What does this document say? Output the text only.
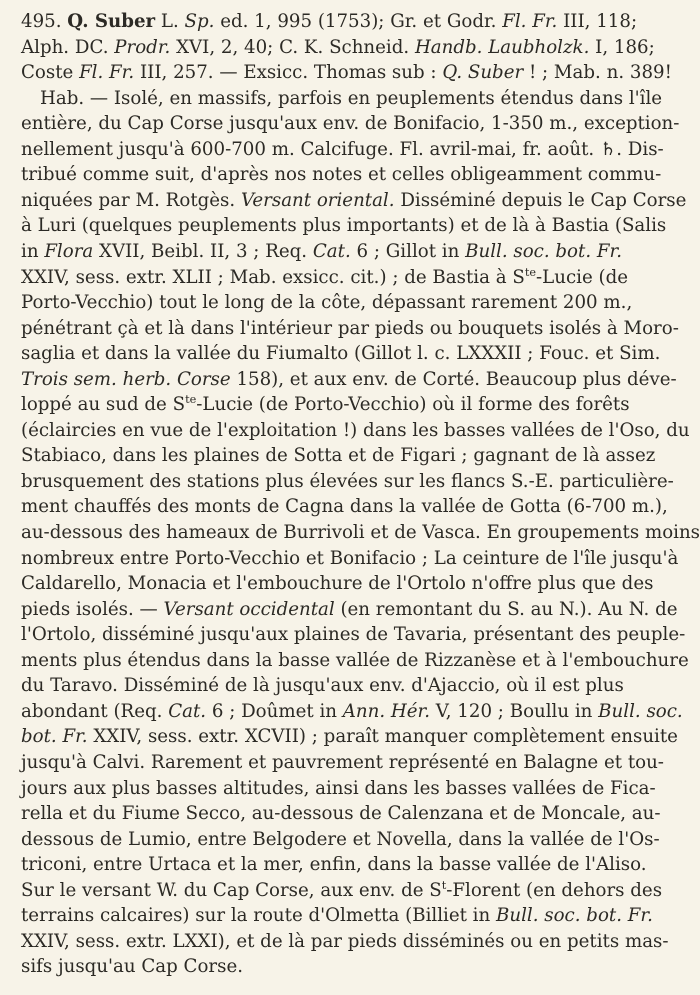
495. Q. Suber L. Sp. ed. 1, 995 (1753); Gr. et Godr. Fl. Fr. III, 118;
Alph. DC. Prodr. XVI, 2, 40; C. K. Schneid. Handb. Laubholzk. I, 186;
Coste Fl. Fr. III, 257. — Exsicc. Thomas sub : Q. Suber ! ; Mab. n. 389!
Hab. — Isolé, en massifs, parfois en peuplements étendus dans l'île
entière, du Cap Corse jusqu'aux env. de Bonifacio, 1-350 m., exception-
nellement jusqu'à 600-700 m. Calcifuge. Fl. avril-mai, fr. août. ♄. Dis-
tribué comme suit, d'après nos notes et celles obligeamment commu-
niquées par M. Rotgès. Versant oriental. Disséminé depuis le Cap Corse
à Luri (quelques peuplements plus importants) et de là à Bastia (Salis
in Flora XVII, Beibl. II, 3 ; Req. Cat. 6 ; Gillot in Bull. soc. bot. Fr.
XXIV, sess. extr. XLII ; Mab. exsicc. cit.) ; de Bastia à $S^{te}$-Lucie (de
Porto-Vecchio) tout le long de la côte, dépassant rarement 200 m.,
pénétrant çà et là dans l'intérieur par pieds ou bouquets isolés à Moro-
saglia et dans la vallée du Fiumalto (Gillot l. c. LXXXII ; Fouc. et Sim.
Trois sem. herb. Corse 158), et aux env. de Corté. Beaucoup plus déve-
loppé au sud de $S^{te}$-Lucie (de Porto-Vecchio) où il forme des forêts
(éclaircies en vue de l'exploitation !) dans les basses vallées de l'Oso, du
Stabiaco, dans les plaines de Sotta et de Figari ; gagnant de là assez
brusquement des stations plus élevées sur les flancs S.-E. particulière-
ment chauffés des monts de Cagna dans la vallée de Gotta (6-700 m.),
au-dessous des hameaux de Burrivoli et de Vasca. En groupements moins
nombreux entre Porto-Vecchio et Bonifacio ; La ceinture de l'île jusqu'à
Caldarello, Monacia et l'embouchure de l'Ortolo n'offre plus que des
pieds isolés. — Versant occidental (en remontant du S. au N.). Au N. de
l'Ortolo, disséminé jusqu'aux plaines de Tavaria, présentant des peuple-
ments plus étendus dans la basse vallée de Rizzanèse et à l'embouchure
du Taravo. Disséminé de là jusqu'aux env. d'Ajaccio, où il est plus
abondant (Req. Cat. 6 ; Doûmet in Ann. Hér. V, 120 ; Boullu in Bull. soc.
bot. Fr. XXIV, sess. extr. XCVII) ; paraît manquer complètement ensuite
jusqu'à Calvi. Rarement et pauvrement représenté en Balagne et tou-
jours aux plus basses altitudes, ainsi dans les basses vallées de Fica-
rella et du Fiume Secco, au-dessous de Calenzana et de Moncale, au-
dessous de Lumio, entre Belgodere et Novella, dans la vallée de l'Os-
triconi, entre Urtaca et la mer, enfin, dans la basse vallée de l'Aliso.
Sur le versant W. du Cap Corse, aux env. de $S^t$-Florent (en dehors des
terrains calcaires) sur la route d'Olmetta (Billiet in Bull. soc. bot. Fr.
XXIV, sess. extr. LXXI), et de là par pieds disséminés ou en petits mas-
sifs jusqu'au Cap Corse.
